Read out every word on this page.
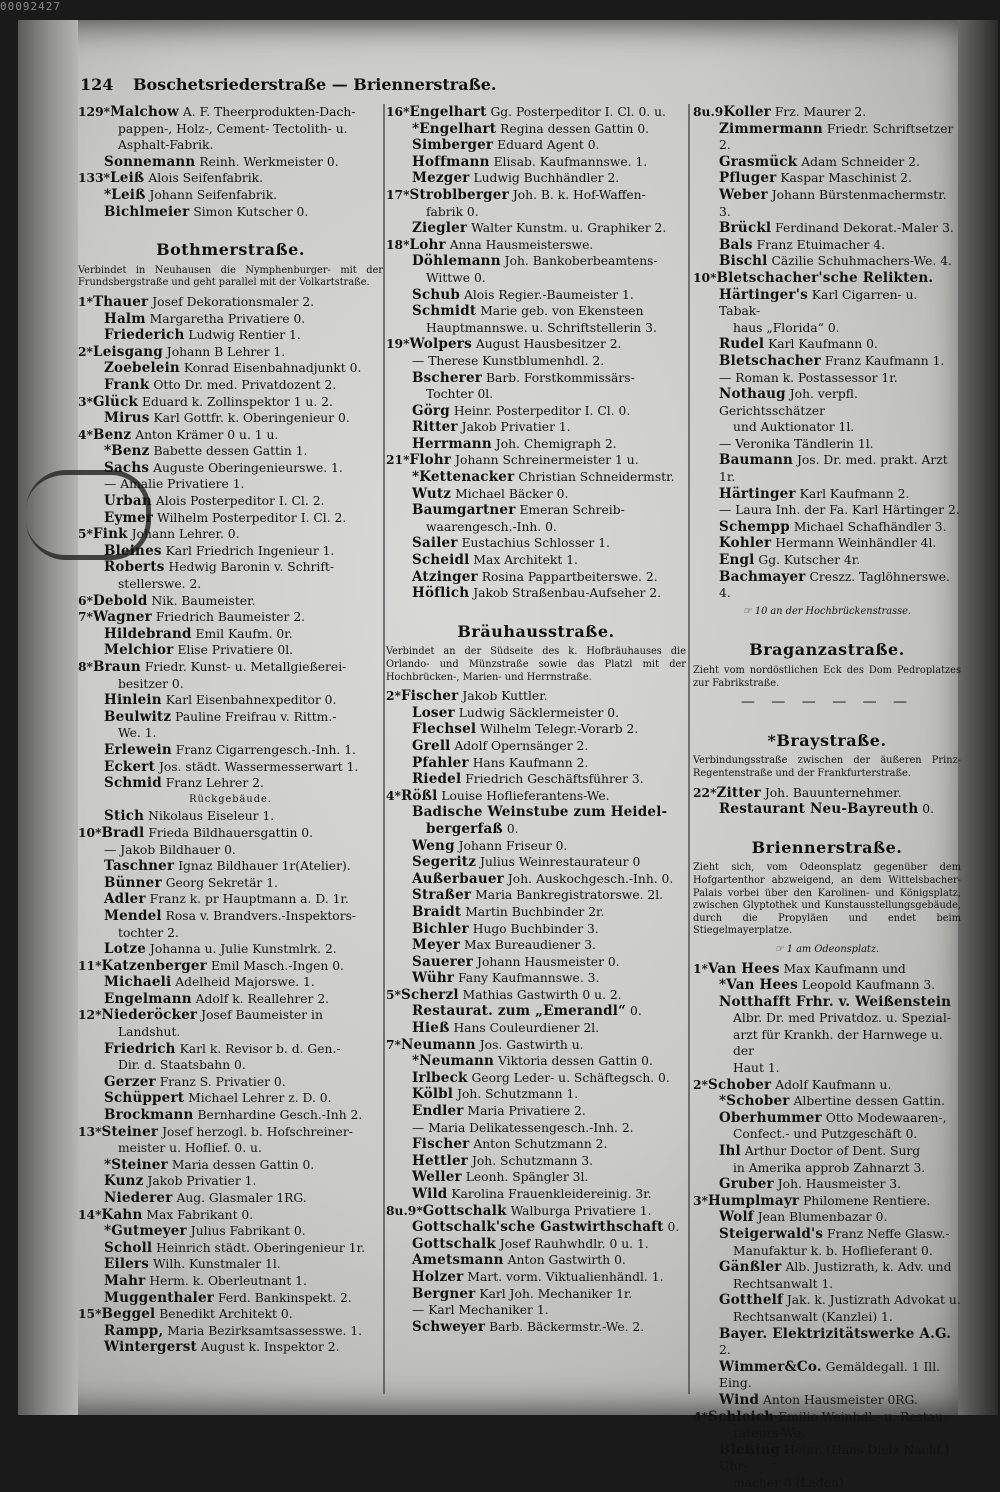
00092427
124 Boschetsriederstraße — Briennerstraße.
129*Malchow A. F. Theerprodukten-Dach-
pappen-, Holz-, Cement- Tectolith- u.
Asphalt-Fabrik.
Sonnemann Reinh. Werkmeister 0.
133*Leiß Alois Seifenfabrik.
*Leiß Johann Seifenfabrik.
Bichlmeier Simon Kutscher 0.
Bothmerstraße.
Verbindet in Neuhausen die Nymphenburger- mit der Frundsbergstraße und geht parallel mit der Volkartstraße.
1*Thauer Josef Dekorationsmaler 2.
Halm Margaretha Privatiere 0.
Friederich Ludwig Rentier 1.
2*Leisgang Johann B Lehrer 1.
Zoebelein Konrad Eisenbahnadjunkt 0.
Frank Otto Dr. med. Privatdozent 2.
3*Glück Eduard k. Zollinspektor 1 u. 2.
Mirus Karl Gottfr. k. Oberingenieur 0.
4*Benz Anton Krämer 0 u. 1 u.
*Benz Babette dessen Gattin 1.
Sachs Auguste Oberingenieurswe. 1.
— Amalie Privatiere 1.
Urban Alois Posterpeditor I. Cl. 2.
Eymer Wilhelm Posterpeditor I. Cl. 2.
5*Fink Johann Lehrer. 0.
Bleines Karl Friedrich Ingenieur 1.
Roberts Hedwig Baronin v. Schrift-
stellerswe. 2.
6*Debold Nik. Baumeister.
7*Wagner Friedrich Baumeister 2.
Hildebrand Emil Kaufm. 0r.
Melchior Elise Privatiere 0l.
8*Braun Friedr. Kunst- u. Metallgießerei-
besitzer 0.
Hinlein Karl Eisenbahnexpeditor 0.
Beulwitz Pauline Freifrau v. Rittm.-
We. 1.
Erlewein Franz Cigarrengesch.-Inh. 1.
Eckert Jos. städt. Wassermesserwart 1.
Schmid Franz Lehrer 2.
Rückgebäude.
Stich Nikolaus Eiseleur 1.
10*Bradl Frieda Bildhauersgattin 0.
— Jakob Bildhauer 0.
Taschner Ignaz Bildhauer 1r(Atelier).
Bünner Georg Sekretär 1.
Adler Franz k. pr Hauptmann a. D. 1r.
Mendel Rosa v. Brandvers.-Inspektors-
tochter 2.
Lotze Johanna u. Julie Kunstmlrk. 2.
11*Katzenberger Emil Masch.-Ingen 0.
Michaeli Adelheid Majorswe. 1.
Engelmann Adolf k. Reallehrer 2.
12*Niederöcker Josef Baumeister in
Landshut.
Friedrich Karl k. Revisor b. d. Gen.-
Dir. d. Staatsbahn 0.
Gerzer Franz S. Privatier 0.
Schüppert Michael Lehrer z. D. 0.
Brockmann Bernhardine Gesch.-Inh 2.
13*Steiner Josef herzogl. b. Hofschreiner-
meister u. Hoflief. 0. u.
*Steiner Maria dessen Gattin 0.
Kunz Jakob Privatier 1.
Niederer Aug. Glasmaler 1RG.
14*Kahn Max Fabrikant 0.
*Gutmeyer Julius Fabrikant 0.
Scholl Heinrich städt. Oberingenieur 1r.
Eilers Wilh. Kunstmaler 1l.
Mahr Herm. k. Oberleutnant 1.
Muggenthaler Ferd. Bankinspekt. 2.
15*Beggel Benedikt Architekt 0.
Rampp, Maria Bezirksamtsassesswe. 1.
Wintergerst August k. Inspektor 2.
16*Engelhart Gg. Posterpeditor I. Cl. 0. u.
*Engelhart Regina dessen Gattin 0.
Simberger Eduard Agent 0.
Hoffmann Elisab. Kaufmannswe. 1.
Mezger Ludwig Buchhändler 2.
17*Stroblberger Joh. B. k. Hof-Waffen-
fabrik 0.
Ziegler Walter Kunstm. u. Graphiker 2.
18*Lohr Anna Hausmeisterswe.
Döhlemann Joh. Bankoberbeamtens-
Wittwe 0.
Schub Alois Regier.-Baumeister 1.
Schmidt Marie geb. von Ekensteen
Hauptmannswe. u. Schriftstellerin 3.
19*Wolpers August Hausbesitzer 2.
— Therese Kunstblumenhdl. 2.
Bscherer Barb. Forstkommissärs-
Tochter 0l.
Görg Heinr. Posterpeditor I. Cl. 0.
Ritter Jakob Privatier 1.
Herrmann Joh. Chemigraph 2.
21*Flohr Johann Schreinermeister 1 u.
*Kettenacker Christian Schneidermstr.
Wutz Michael Bäcker 0.
Baumgartner Emeran Schreib-
waarengesch.-Inh. 0.
Sailer Eustachius Schlosser 1.
Scheidl Max Architekt 1.
Atzinger Rosina Pappartbeiterswe. 2.
Höflich Jakob Straßenbau-Aufseher 2.
Bräuhausstraße.
Verbindet an der Südseite des k. Hofbräuhauses die Orlando- und Münzstraße sowie das Platzl mit der Hochbrücken-, Marien- und Herrnstraße.
2*Fischer Jakob Kuttler.
Loser Ludwig Säcklermeister 0.
Flechsel Wilhelm Telegr.-Vorarb 2.
Grell Adolf Opernsänger 2.
Pfahler Hans Kaufmann 2.
Riedel Friedrich Geschäftsführer 3.
4*Rößl Louise Hoflieferantens-We.
Badische Weinstube zum Heidel-
bergerfaß 0.
Weng Johann Friseur 0.
Segeritz Julius Weinrestaurateur 0
Außerbauer Joh. Auskochgesch.-Inh. 0.
Straßer Maria Bankregistratorswe. 2l.
Braidt Martin Buchbinder 2r.
Bichler Hugo Buchbinder 3.
Meyer Max Bureaudiener 3.
Sauerer Johann Hausmeister 0.
Wühr Fany Kaufmannswe. 3.
5*Scherzl Mathias Gastwirth 0 u. 2.
Restaurat. zum „Emerandl“ 0.
Hieß Hans Couleurdiener 2l.
7*Neumann Jos. Gastwirth u.
*Neumann Viktoria dessen Gattin 0.
Irlbeck Georg Leder- u. Schäftegsch. 0.
Kölbl Joh. Schutzmann 1.
Endler Maria Privatiere 2.
— Maria Delikatessengesch.-Inh. 2.
Fischer Anton Schutzmann 2.
Hettler Joh. Schutzmann 3.
Weller Leonh. Spängler 3l.
Wild Karolina Frauenkleidereinig. 3r.
8u.9*Gottschalk Walburga Privatiere 1.
Gottschalk'sche Gastwirthschaft 0.
Gottschalk Josef Rauhwhdlr. 0 u. 1.
Ametsmann Anton Gastwirth 0.
Holzer Mart. vorm. Viktualienhändl. 1.
Bergner Karl Joh. Mechaniker 1r.
— Karl Mechaniker 1.
Schweyer Barb. Bäckermstr.-We. 2.
8u.9Koller Frz. Maurer 2.
Zimmermann Friedr. Schriftsetzer 2.
Grasmück Adam Schneider 2.
Pfluger Kaspar Maschinist 2.
Weber Johann Bürstenmachermstr. 3.
Brückl Ferdinand Dekorat.-Maler 3.
Bals Franz Etuimacher 4.
Bischl Cäzilie Schuhmachers-We. 4.
10*Bletschacher'sche Relikten.
Härtinger's Karl Cigarren- u. Tabak-
haus „Florida“ 0.
Rudel Karl Kaufmann 0.
Bletschacher Franz Kaufmann 1.
— Roman k. Postassessor 1r.
Nothaug Joh. verpfl. Gerichtsschätzer
und Auktionator 1l.
— Veronika Tändlerin 1l.
Baumann Jos. Dr. med. prakt. Arzt 1r.
Härtinger Karl Kaufmann 2.
— Laura Inh. der Fa. Karl Härtinger 2.
Schempp Michael Schafhändler 3.
Kohler Hermann Weinhändler 4l.
Engl Gg. Kutscher 4r.
Bachmayer Creszz. Taglöhnerswe. 4.
☞ 10 an der Hochbrückenstrasse.
Braganzastraße.
Zieht vom nordöstlichen Eck des Dom Pedroplatzes zur Fabrikstraße.
— — — — — —
*Braystraße.
Verbindungsstraße zwischen der äußeren Prinz-Regentenstraße und der Frankfurterstraße.
22*Zitter Joh. Bauunternehmer.
Restaurant Neu-Bayreuth 0.
Briennerstraße.
Zieht sich, vom Odeonsplatz gegenüber dem Hofgartenthor abzweigend, an dem Wittelsbacher-Palais vorbei über den Karolinen- und Königsplatz, zwischen Glyptothek und Kunstausstellungsgebäude, durch die Propyläen und endet beim Stiegelmayerplatze.
☞ 1 am Odeonsplatz.
1*Van Hees Max Kaufmann und
*Van Hees Leopold Kaufmann 3.
Notthafft Frhr. v. Weißenstein
Albr. Dr. med Privatdoz. u. Spezial-
arzt für Krankh. der Harnwege u. der
Haut 1.
2*Schober Adolf Kaufmann u.
*Schober Albertine dessen Gattin.
Oberhummer Otto Modewaaren-,
Confect.- und Putzgeschäft 0.
Ihl Arthur Doctor of Dent. Surg
in Amerika approb Zahnarzt 3.
Gruber Joh. Hausmeister 3.
3*Humplmayr Philomene Rentiere.
Wolf Jean Blumenbazar 0.
Steigerwald's Franz Neffe Glasw.-
Manufaktur k. b. Hoflieferant 0.
Gänßler Alb. Justizrath, k. Adv. und
Rechtsanwalt 1.
Gotthelf Jak. k. Justizrath Advokat u.
Rechtsanwalt (Kanzlei) 1.
Bayer. Elektrizitätswerke A.G. 2.
Wimmer&Co. Gemäldegall. 1 Ill. Eing.
Wind Anton Hausmeister 0RG.
4*Schleich Emilie Weinhdl.- u. Restau-
rateurs-We.
Bleßing Heinr. (Hans Dietz Nachf.) Uhr-
macher 0 (Laden).
